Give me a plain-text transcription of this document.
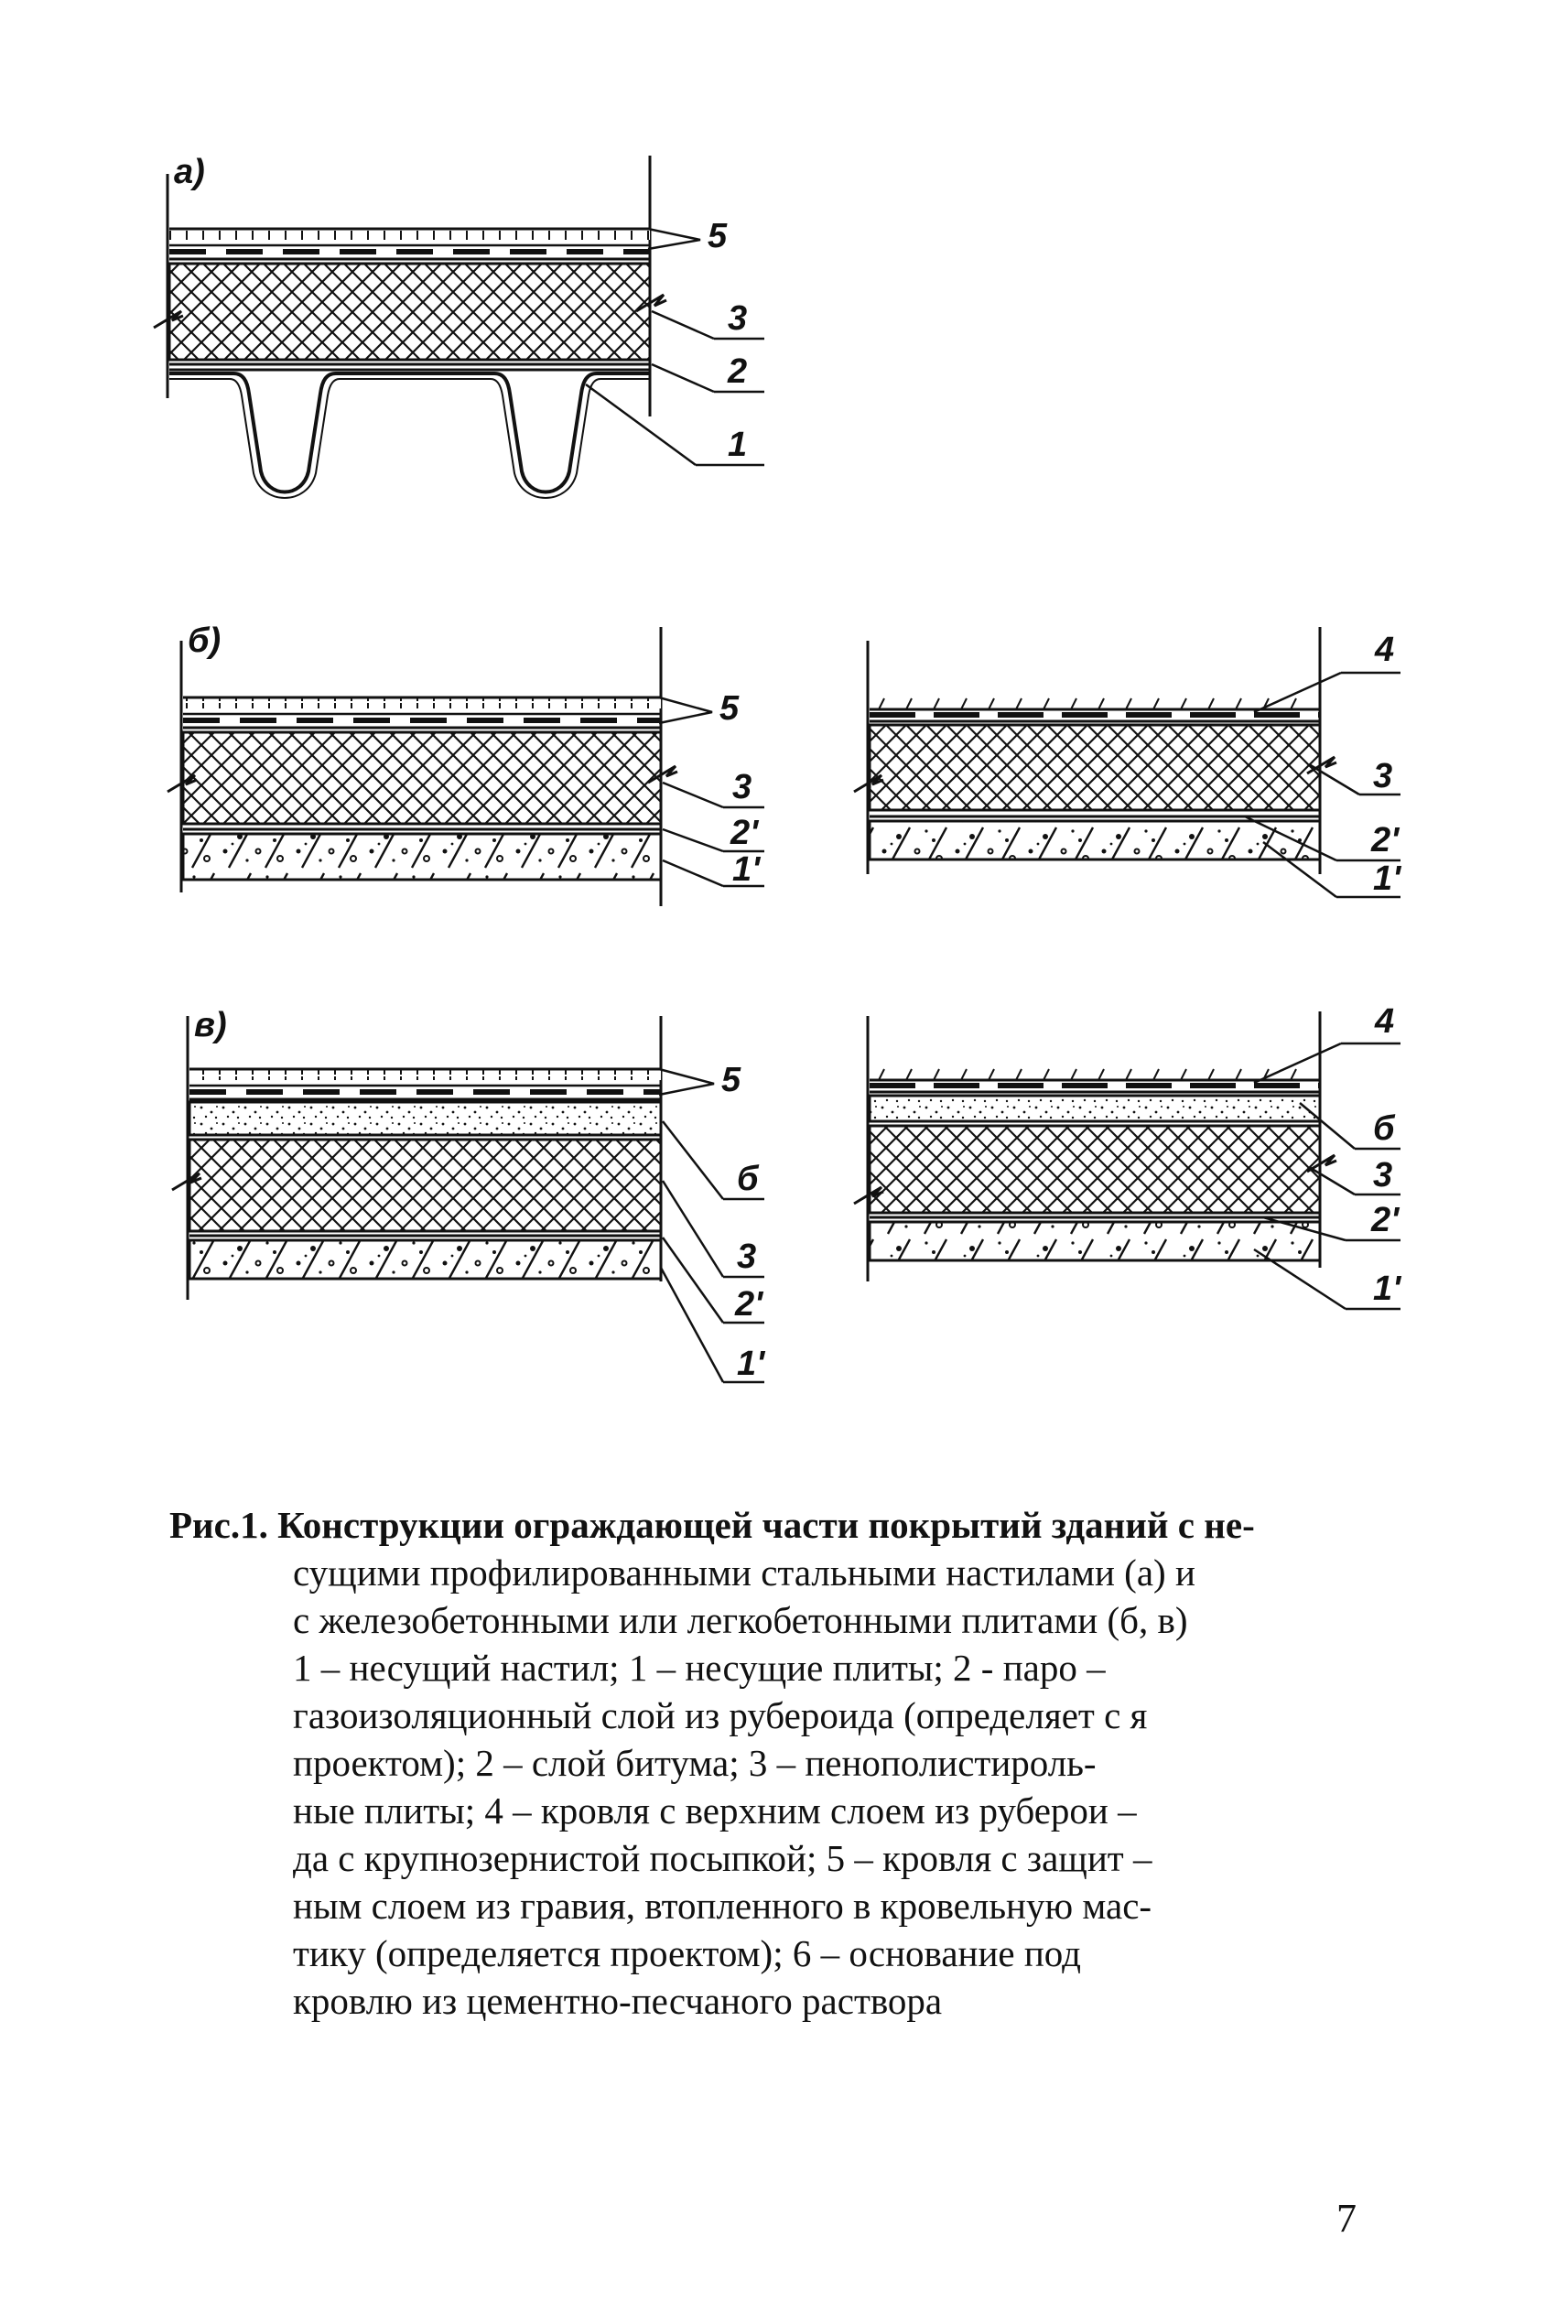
а)
5
3
2
1
б)
5
3
2'
1'
4
3
2'
1'
в)
5
б
3
2'
1'
4
б
3
2'
1'

Рис.1. Конструкции ограждающей части покрытий зданий с не-

сущими профилированными стальными настилами (а) и

с железобетонными или легкобетонными плитами (б, в)

1 – несущий настил; 1 – несущие плиты; 2 - паро –

газоизоляционный слой из рубероида (определяет с я

проектом); 2 – слой битума; 3 – пенополистироль-

ные плиты; 4 – кровля с верхним слоем из руберои –

да с крупнозернистой посыпкой; 5 – кровля с защит –

ным слоем из гравия, втопленного в кровельную мас-

тику (определяется проектом); 6 – основание под

кровлю из цементно-песчаного раствора

7
